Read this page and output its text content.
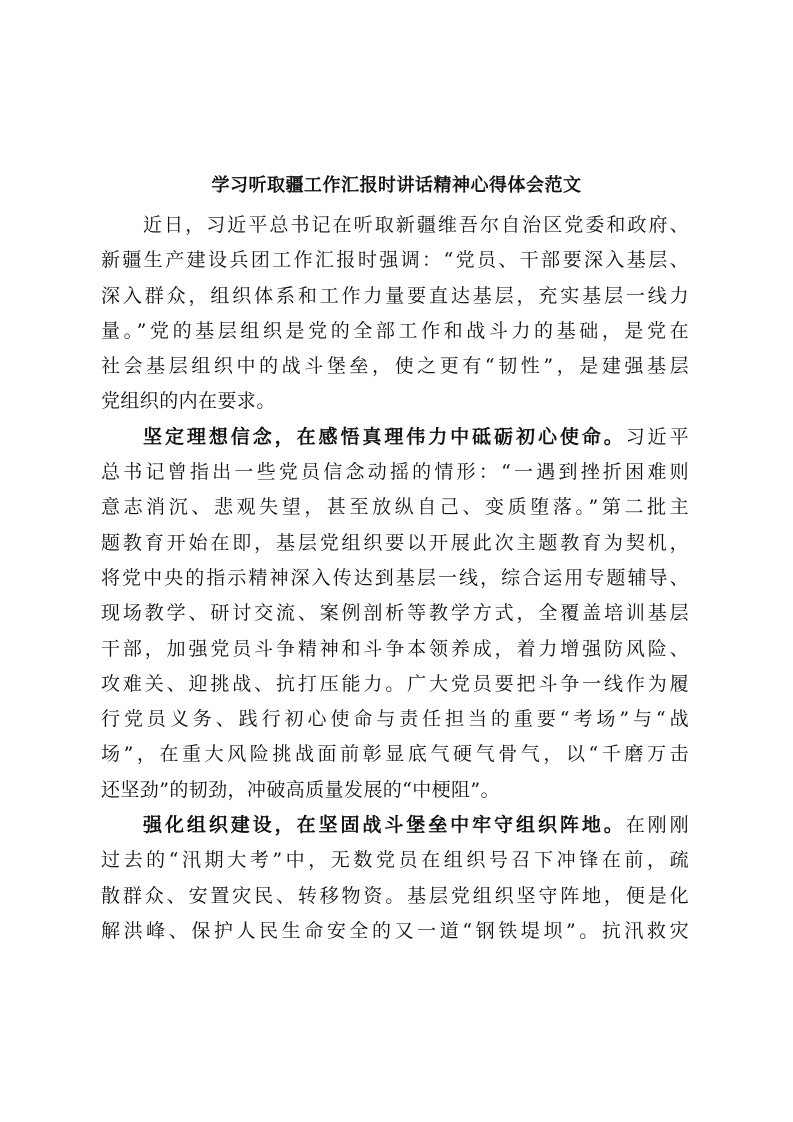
学习听取疆工作汇报时讲话精神心得体会范文
近日，习近平总书记在听取新疆维吾尔自治区党委和政府、
新疆生产建设兵团工作汇报时强调：“党员、干部要深入基层、
深入群众，组织体系和工作力量要直达基层，充实基层一线力
量。”党的基层组织是党的全部工作和战斗力的基础，是党在
社会基层组织中的战斗堡垒，使之更有“韧性”，是建强基层
党组织的内在要求。
坚定理想信念，在感悟真理伟力中砥砺初心使命。习近平
总书记曾指出一些党员信念动摇的情形：“一遇到挫折困难则
意志消沉、悲观失望，甚至放纵自己、变质堕落。”第二批主
题教育开始在即，基层党组织要以开展此次主题教育为契机，
将党中央的指示精神深入传达到基层一线，综合运用专题辅导、
现场教学、研讨交流、案例剖析等教学方式，全覆盖培训基层
干部，加强党员斗争精神和斗争本领养成，着力增强防风险、
攻难关、迎挑战、抗打压能力。广大党员要把斗争一线作为履
行党员义务、践行初心使命与责任担当的重要“考场”与“战
场”，在重大风险挑战面前彰显底气硬气骨气，以“千磨万击
还坚劲”的韧劲，冲破高质量发展的“中梗阻”。
强化组织建设，在坚固战斗堡垒中牢守组织阵地。在刚刚
过去的“汛期大考”中，无数党员在组织号召下冲锋在前，疏
散群众、安置灾民、转移物资。基层党组织坚守阵地，便是化
解洪峰、保护人民生命安全的又一道“钢铁堤坝”。抗汛救灾
